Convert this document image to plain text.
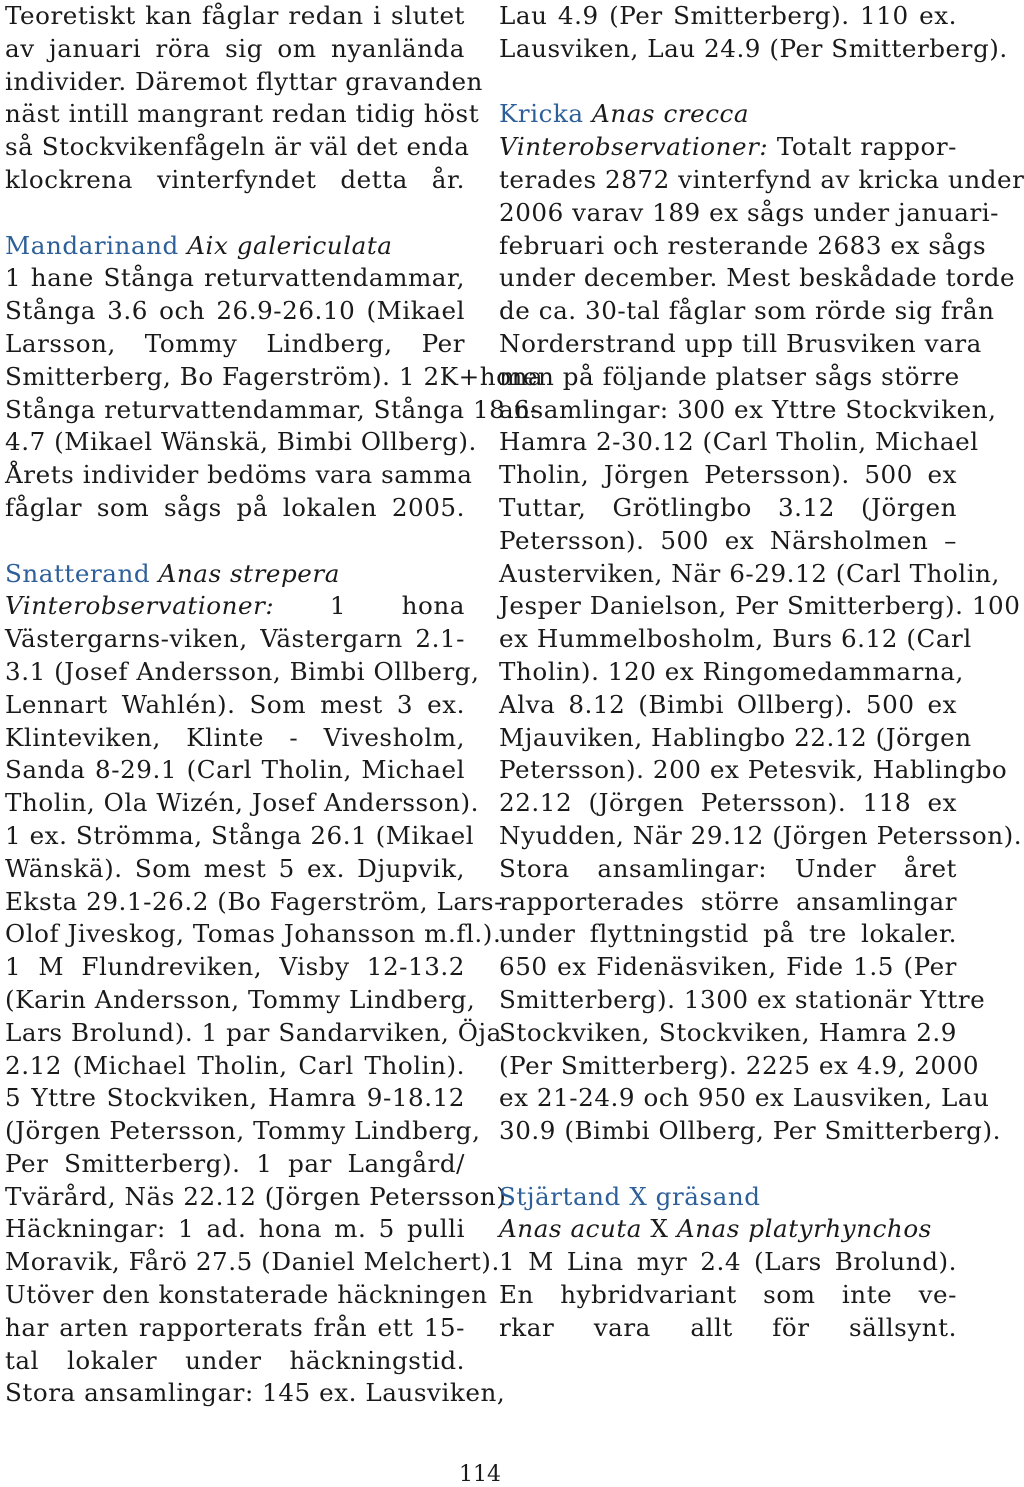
Teoretiskt kan fåglar redan i slutet
av januari röra sig om nyanlända
individer. Däremot flyttar gravanden
näst intill mangrant redan tidig höst
så Stockvikenfågeln är väl det enda
klockrena vinterfyndet detta år.
Mandarinand Aix galericulata
1 hane Stånga returvattendammar,
Stånga 3.6 och 26.9-26.10 (Mikael
Larsson, Tommy Lindberg, Per
Smitterberg, Bo Fagerström). 1 2K+hona
Stånga returvattendammar, Stånga 18.6-
4.7 (Mikael Wänskä, Bimbi Ollberg).
Årets individer bedöms vara samma
fåglar som sågs på lokalen 2005.
Snatterand Anas strepera
Vinterobservationer: 1 hona
Västergarns-viken, Västergarn 2.1-
3.1 (Josef Andersson, Bimbi Ollberg,
Lennart Wahlén). Som mest 3 ex.
Klinteviken, Klinte - Vivesholm,
Sanda 8-29.1 (Carl Tholin, Michael
Tholin, Ola Wizén, Josef Andersson).
1 ex. Strömma, Stånga 26.1 (Mikael
Wänskä). Som mest 5 ex. Djupvik,
Eksta 29.1-26.2 (Bo Fagerström, Lars-
Olof Jiveskog, Tomas Johansson m.fl.).
1 M Flundreviken, Visby 12-13.2
(Karin Andersson, Tommy Lindberg,
Lars Brolund). 1 par Sandarviken, Öja
2.12 (Michael Tholin, Carl Tholin).
5 Yttre Stockviken, Hamra 9-18.12
(Jörgen Petersson, Tommy Lindberg,
Per Smitterberg). 1 par Langård/
Tvärård, Näs 22.12 (Jörgen Petersson).
Häckningar: 1 ad. hona m. 5 pulli
Moravik, Fårö 27.5 (Daniel Melchert).
Utöver den konstaterade häckningen
har arten rapporterats från ett 15-
tal lokaler under häckningstid.
Stora ansamlingar: 145 ex. Lausviken,
Lau 4.9 (Per Smitterberg). 110 ex.
Lausviken, Lau 24.9 (Per Smitterberg).
Kricka Anas crecca
Vinterobservationer: Totalt rappor-
terades 2872 vinterfynd av kricka under
2006 varav 189 ex sågs under januari-
februari och resterande 2683 ex sågs
under december. Mest beskådade torde
de ca. 30-tal fåglar som rörde sig från
Norderstrand upp till Brusviken vara
men på följande platser sågs större
ansamlingar: 300 ex Yttre Stockviken,
Hamra 2-30.12 (Carl Tholin, Michael
Tholin, Jörgen Petersson). 500 ex
Tuttar, Grötlingbo 3.12 (Jörgen
Petersson). 500 ex Närsholmen –
Austerviken, När 6-29.12 (Carl Tholin,
Jesper Danielson, Per Smitterberg). 100
ex Hummelbosholm, Burs 6.12 (Carl
Tholin). 120 ex Ringomedammarna,
Alva 8.12 (Bimbi Ollberg). 500 ex
Mjauviken, Hablingbo 22.12 (Jörgen
Petersson). 200 ex Petesvik, Hablingbo
22.12 (Jörgen Petersson). 118 ex
Nyudden, När 29.12 (Jörgen Petersson).
Stora ansamlingar: Under året
rapporterades större ansamlingar
under flyttningstid på tre lokaler.
650 ex Fidenäsviken, Fide 1.5 (Per
Smitterberg). 1300 ex stationär Yttre
Stockviken, Stockviken, Hamra 2.9
(Per Smitterberg). 2225 ex 4.9, 2000
ex 21-24.9 och 950 ex Lausviken, Lau
30.9 (Bimbi Ollberg, Per Smitterberg).
Stjärtand X gräsand
Anas acuta X Anas platyrhynchos
1 M Lina myr 2.4 (Lars Brolund).
En hybridvariant som inte ve-
rkar vara allt för sällsynt.
114
